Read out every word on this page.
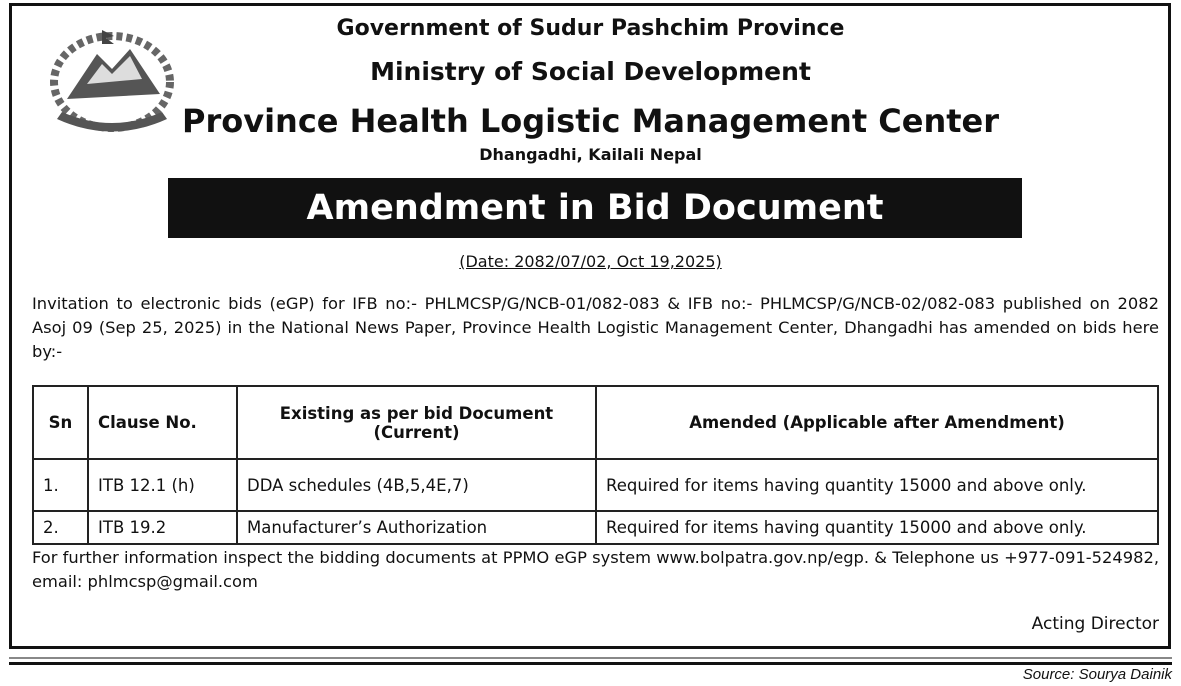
Government of Sudur Pashchim Province
Ministry of Social Development
Province Health Logistic Management Center
Dhangadhi, Kailali Nepal
Amendment in Bid Document
(Date: 2082/07/02, Oct 19,2025)

Invitation to electronic bids (eGP) for IFB no:- PHLMCSP/G/NCB-01/082-083 & IFB no:- PHLMCSP/G/NCB-02/082-083 published on 2082 Asoj 09 (Sep 25, 2025) in the National News Paper, Province Health Logistic Management Center, Dhangadhi has amended on bids here by:-

Sn	Clause No.	Existing as per bid Document (Current)	Amended (Applicable after Amendment)
1.	ITB 12.1 (h)	DDA schedules (4B,5,4E,7)	Required for items having quantity 15000 and above only.
2.	ITB 19.2	Manufacturer’s Authorization	Required for items having quantity 15000 and above only.

For further information inspect the bidding documents at PPMO eGP system www.bolpatra.gov.np/egp. & Telephone us +977-091-524982, email: phlmcsp@gmail.com

Acting Director
Source: Sourya Dainik
